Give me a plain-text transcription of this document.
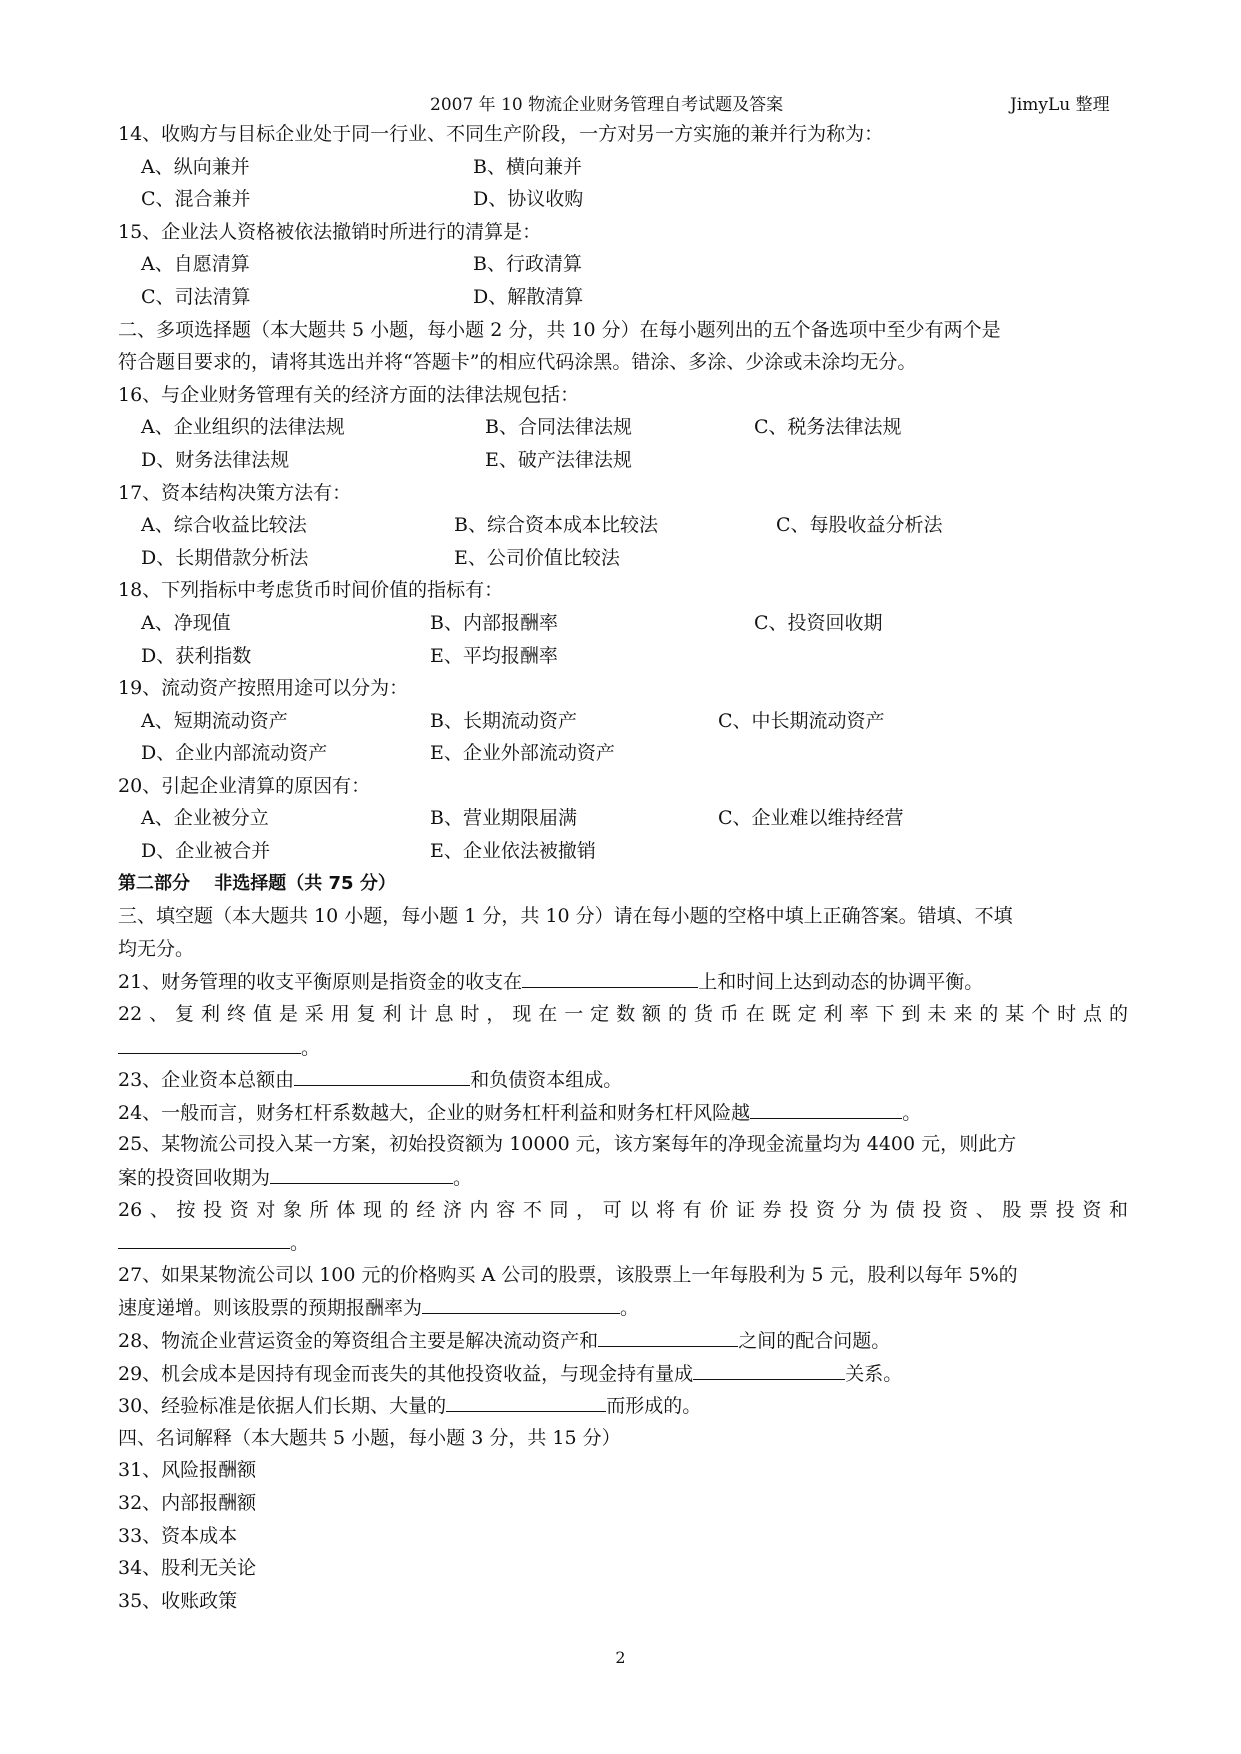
2007 年 10 物流企业财务管理自考试题及答案	JimyLu 整理
14、收购方与目标企业处于同一行业、不同生产阶段，一方对另一方实施的兼并行为称为：
A、纵向兼并	B、横向兼并
C、混合兼并	D、协议收购
15、企业法人资格被依法撤销时所进行的清算是：
A、自愿清算	B、行政清算
C、司法清算	D、解散清算
二、多项选择题（本大题共 5 小题，每小题 2 分，共 10 分）在每小题列出的五个备选项中至少有两个是
符合题目要求的，请将其选出并将“答题卡”的相应代码涂黑。错涂、多涂、少涂或未涂均无分。
16、与企业财务管理有关的经济方面的法律法规包括：
A、企业组织的法律法规	B、合同法律法规	C、税务法律法规
D、财务法律法规	E、破产法律法规
17、资本结构决策方法有：
A、综合收益比较法	B、综合资本成本比较法	C、每股收益分析法
D、长期借款分析法	E、公司价值比较法
18、下列指标中考虑货币时间价值的指标有：
A、净现值	B、内部报酬率	C、投资回收期
D、获利指数	E、平均报酬率
19、流动资产按照用途可以分为：
A、短期流动资产	B、长期流动资产	C、中长期流动资产
D、企业内部流动资产	E、企业外部流动资产
20、引起企业清算的原因有：
A、企业被分立	B、营业期限届满	C、企业难以维持经营
D、企业被合并	E、企业依法被撤销
第二部分　 非选择题（共 75 分）
三、填空题（本大题共 10 小题，每小题 1 分，共 10 分）请在每小题的空格中填上正确答案。错填、不填
均无分。
21、财务管理的收支平衡原则是指资金的收支在	上和时间上达到动态的协调平衡。
22、复利终值是采用复利计息时，现在一定数额的货币在既定利率下到未来的某个时点的
。
23、企业资本总额由	和负债资本组成。
24、一般而言，财务杠杆系数越大，企业的财务杠杆利益和财务杠杆风险越	。
25、某物流公司投入某一方案，初始投资额为 10000 元，该方案每年的净现金流量均为 4400 元，则此方
案的投资回收期为	。
26、按投资对象所体现的经济内容不同，可以将有价证券投资分为债投资、股票投资和
。
27、如果某物流公司以 100 元的价格购买 A 公司的股票，该股票上一年每股利为 5 元，股利以每年 5%的
速度递增。则该股票的预期报酬率为	。
28、物流企业营运资金的筹资组合主要是解决流动资产和	之间的配合问题。
29、机会成本是因持有现金而丧失的其他投资收益，与现金持有量成	关系。
30、经验标准是依据人们长期、大量的	而形成的。
四、名词解释（本大题共 5 小题，每小题 3 分，共 15 分）
31、风险报酬额
32、内部报酬额
33、资本成本
34、股利无关论
35、收账政策
2
